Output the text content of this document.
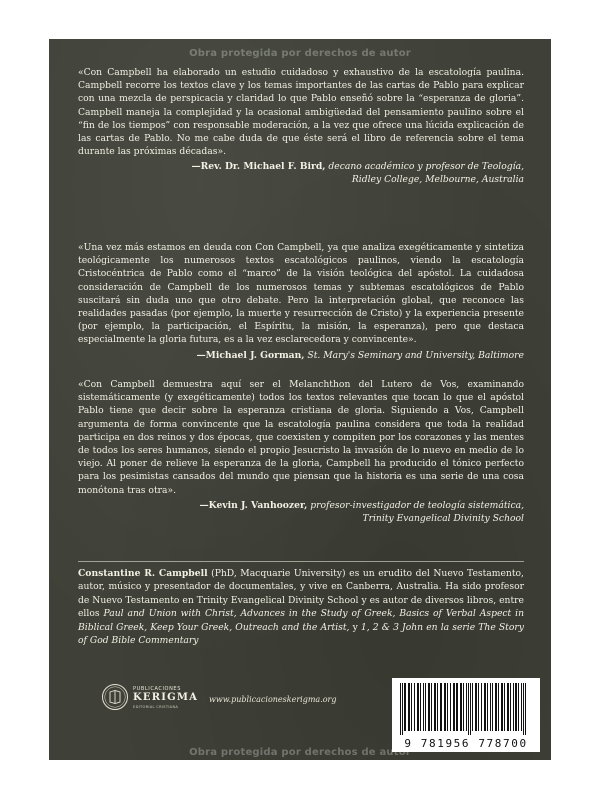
Obra protegida por derechos de autor

«Con Campbell ha elaborado un estudio cuidadoso y exhaustivo de la escatología paulina. Campbell recorre los textos clave y los temas importantes de las cartas de Pablo para explicar con una mezcla de perspicacia y claridad lo que Pablo enseñó sobre la “esperanza de gloria”. Campbell maneja la complejidad y la ocasional ambigüedad del pensamiento paulino sobre el “fin de los tiempos” con responsable moderación, a la vez que ofrece una lúcida explicación de las cartas de Pablo. No me cabe duda de que éste será el libro de referencia sobre el tema durante las próximas décadas».

—Rev. Dr. Michael F. Bird, decano académico y profesor de Teología,
Ridley College, Melbourne, Australia

«Una vez más estamos en deuda con Con Campbell, ya que analiza exegéticamente y sintetiza teológicamente los numerosos textos escatológicos paulinos, viendo la escatología Cristocéntrica de Pablo como el “marco” de la visión teológica del apóstol. La cuidadosa consideración de Campbell de los numerosos temas y subtemas escatológicos de Pablo suscitará sin duda uno que otro debate. Pero la interpretación global, que reconoce las realidades pasadas (por ejemplo, la muerte y resurrección de Cristo) y la experiencia presente (por ejemplo, la participación, el Espíritu, la misión, la esperanza), pero que destaca especialmente la gloria futura, es a la vez esclarecedora y convincente».

—Michael J. Gorman, St. Mary's Seminary and University, Baltimore

«Con Campbell demuestra aquí ser el Melanchthon del Lutero de Vos, examinando sistemáticamente (y exegéticamente) todos los textos relevantes que tocan lo que el apóstol Pablo tiene que decir sobre la esperanza cristiana de gloria. Siguiendo a Vos, Campbell argumenta de forma convincente que la escatología paulina considera que toda la realidad participa en dos reinos y dos épocas, que coexisten y compiten por los corazones y las mentes de todos los seres humanos, siendo el propio Jesucristo la invasión de lo nuevo en medio de lo viejo. Al poner de relieve la esperanza de la gloria, Campbell ha producido el tónico perfecto para los pesimistas cansados del mundo que piensan que la historia es una serie de una cosa monótona tras otra».

—Kevin J. Vanhoozer, profesor-investigador de teología sistemática,
Trinity Evangelical Divinity School
Constantine R. Campbell (PhD, Macquarie University) es un erudito del Nuevo Testamento, autor, músico y presentador de documentales, y vive en Canberra, Australia. Ha sido profesor de Nuevo Testamento en Trinity Evangelical Divinity School y es autor de diversos libros, entre ellos Paul and Union with Christ, Advances in the Study of Greek, Basics of Verbal Aspect in Biblical Greek, Keep Your Greek, Outreach and the Artist, y 1, 2 & 3 John en la serie The Story of God Bible Commentary
PUBLICACIONES
KERIGMA
EDITORIAL CRISTIANA
www.publicacioneskerigma.org
9 781956 778700
Obra protegida por derechos de autor
